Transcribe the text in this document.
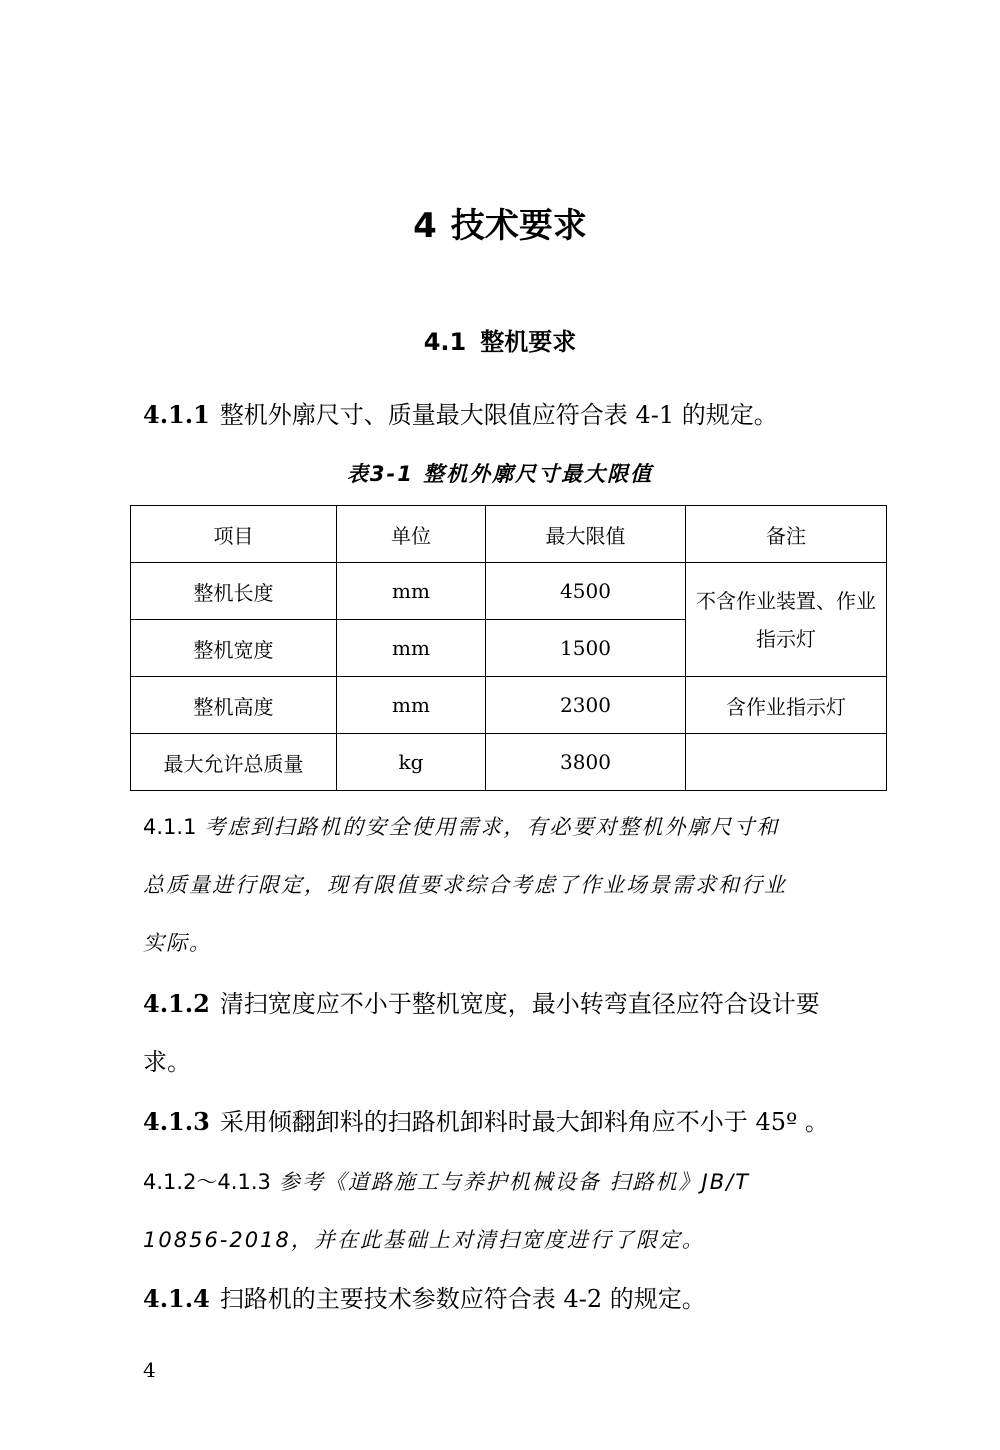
4 技术要求
4.1 整机要求
4.1.1 整机外廓尺寸、质量最大限值应符合表 4-1 的规定。
表3-1 整机外廓尺寸最大限值
项目	单位	最大限值	备注
整机长度	mm	4500	不含作业装置、作业指示灯
整机宽度	mm	1500	
整机高度	mm	2300	含作业指示灯
最大允许总质量	kg	3800	
4.1.1 考虑到扫路机的安全使用需求，有必要对整机外廓尺寸和
总质量进行限定，现有限值要求综合考虑了作业场景需求和行业
实际。
4.1.2 清扫宽度应不小于整机宽度，最小转弯直径应符合设计要
求。
4.1.3 采用倾翻卸料的扫路机卸料时最大卸料角应不小于 45º 。
4.1.2～4.1.3 参考《道路施工与养护机械设备 扫路机》JB/T
10856-2018，并在此基础上对清扫宽度进行了限定。
4.1.4 扫路机的主要技术参数应符合表 4-2 的规定。
4
